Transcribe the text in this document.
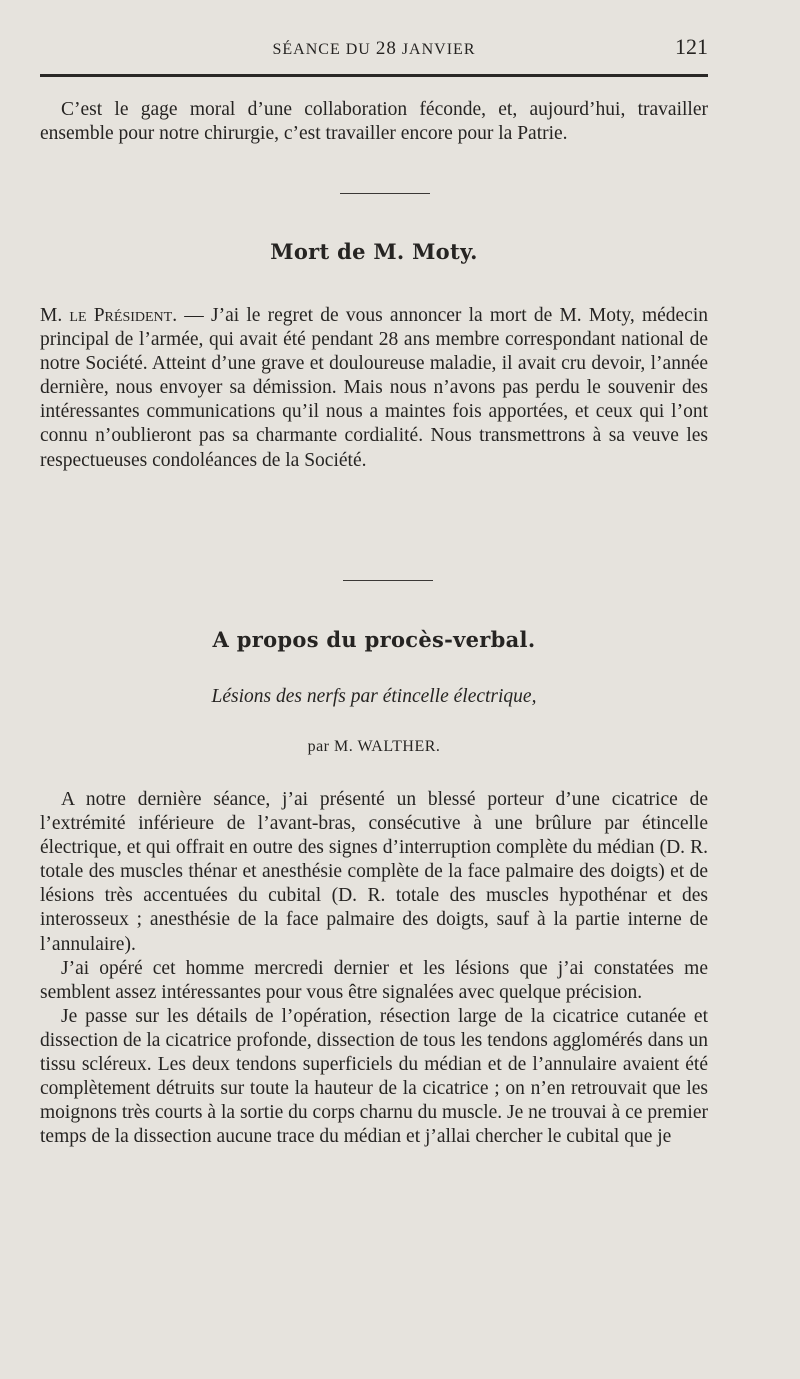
SÉANCE DU 28 JANVIER	121

C’est le gage moral d’une collaboration féconde, et, aujourd’hui, travailler ensemble pour notre chirurgie, c’est travailler encore pour la Patrie.

Mort de M. Moty.

M. le Président. — J’ai le regret de vous annoncer la mort de M. Moty, médecin principal de l’armée, qui avait été pendant 28 ans membre correspondant national de notre Société. Atteint d’une grave et douloureuse maladie, il avait cru devoir, l’année dernière, nous envoyer sa démission. Mais nous n’avons pas perdu le souvenir des intéressantes communications qu’il nous a maintes fois apportées, et ceux qui l’ont connu n’oublieront pas sa charmante cordialité. Nous transmettrons à sa veuve les respectueuses condoléances de la Société.

A propos du procès-verbal.
Lésions des nerfs par étincelle électrique,
par M. WALTHER.

A notre dernière séance, j’ai présenté un blessé porteur d’une cicatrice de l’extrémité inférieure de l’avant-bras, consécutive à une brûlure par étincelle électrique, et qui offrait en outre des signes d’interruption complète du médian (D. R. totale des muscles thénar et anesthésie complète de la face palmaire des doigts) et de lésions très accentuées du cubital (D. R. totale des muscles hypothénar et des interosseux ; anesthésie de la face palmaire des doigts, sauf à la partie interne de l’annulaire).

J’ai opéré cet homme mercredi dernier et les lésions que j’ai constatées me semblent assez intéressantes pour vous être signalées avec quelque précision.

Je passe sur les détails de l’opération, résection large de la cicatrice cutanée et dissection de la cicatrice profonde, dissection de tous les tendons agglomérés dans un tissu scléreux. Les deux tendons superficiels du médian et de l’annulaire avaient été complètement détruits sur toute la hauteur de la cicatrice ; on n’en retrouvait que les moignons très courts à la sortie du corps charnu du muscle. Je ne trouvai à ce premier temps de la dissection aucune trace du médian et j’allai chercher le cubital que je
